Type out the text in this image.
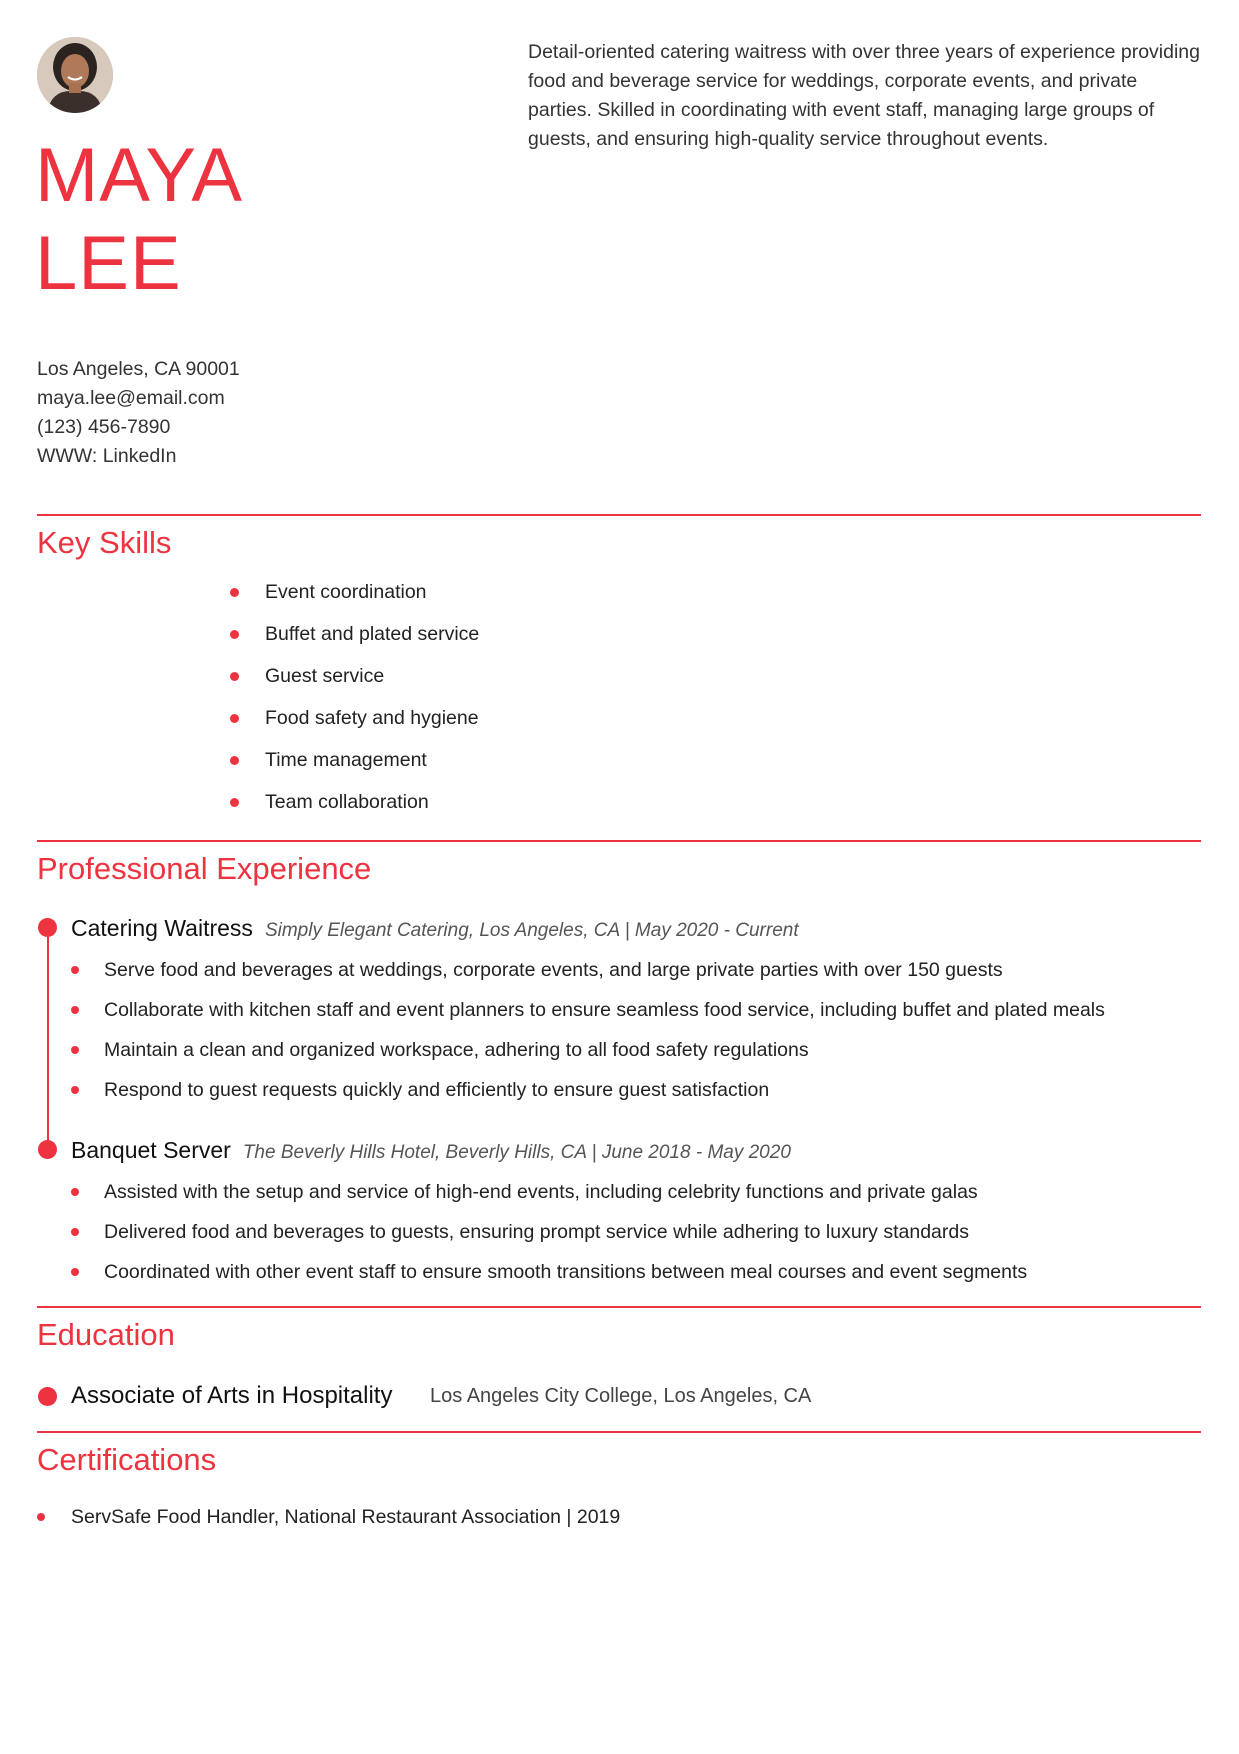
MAYA
LEE

Detail-oriented catering waitress with over three years of experience providing food and beverage service for weddings, corporate events, and private parties. Skilled in coordinating with event staff, managing large groups of guests, and ensuring high-quality service throughout events.

Los Angeles, CA 90001
maya.lee@email.com
(123) 456-7890
WWW: LinkedIn
Key Skills
Event coordination
Buffet and plated service
Guest service
Food safety and hygiene
Time management
Team collaboration
Professional Experience
Catering Waitress Simply Elegant Catering, Los Angeles, CA | May 2020 - Current
Serve food and beverages at weddings, corporate events, and large private parties with over 150 guests
Collaborate with kitchen staff and event planners to ensure seamless food service, including buffet and plated meals
Maintain a clean and organized workspace, adhering to all food safety regulations
Respond to guest requests quickly and efficiently to ensure guest satisfaction
Banquet Server The Beverly Hills Hotel, Beverly Hills, CA | June 2018 - May 2020
Assisted with the setup and service of high-end events, including celebrity functions and private galas
Delivered food and beverages to guests, ensuring prompt service while adhering to luxury standards
Coordinated with other event staff to ensure smooth transitions between meal courses and event segments
Education
Associate of Arts in Hospitality Los Angeles City College, Los Angeles, CA
Certifications
ServSafe Food Handler, National Restaurant Association | 2019
